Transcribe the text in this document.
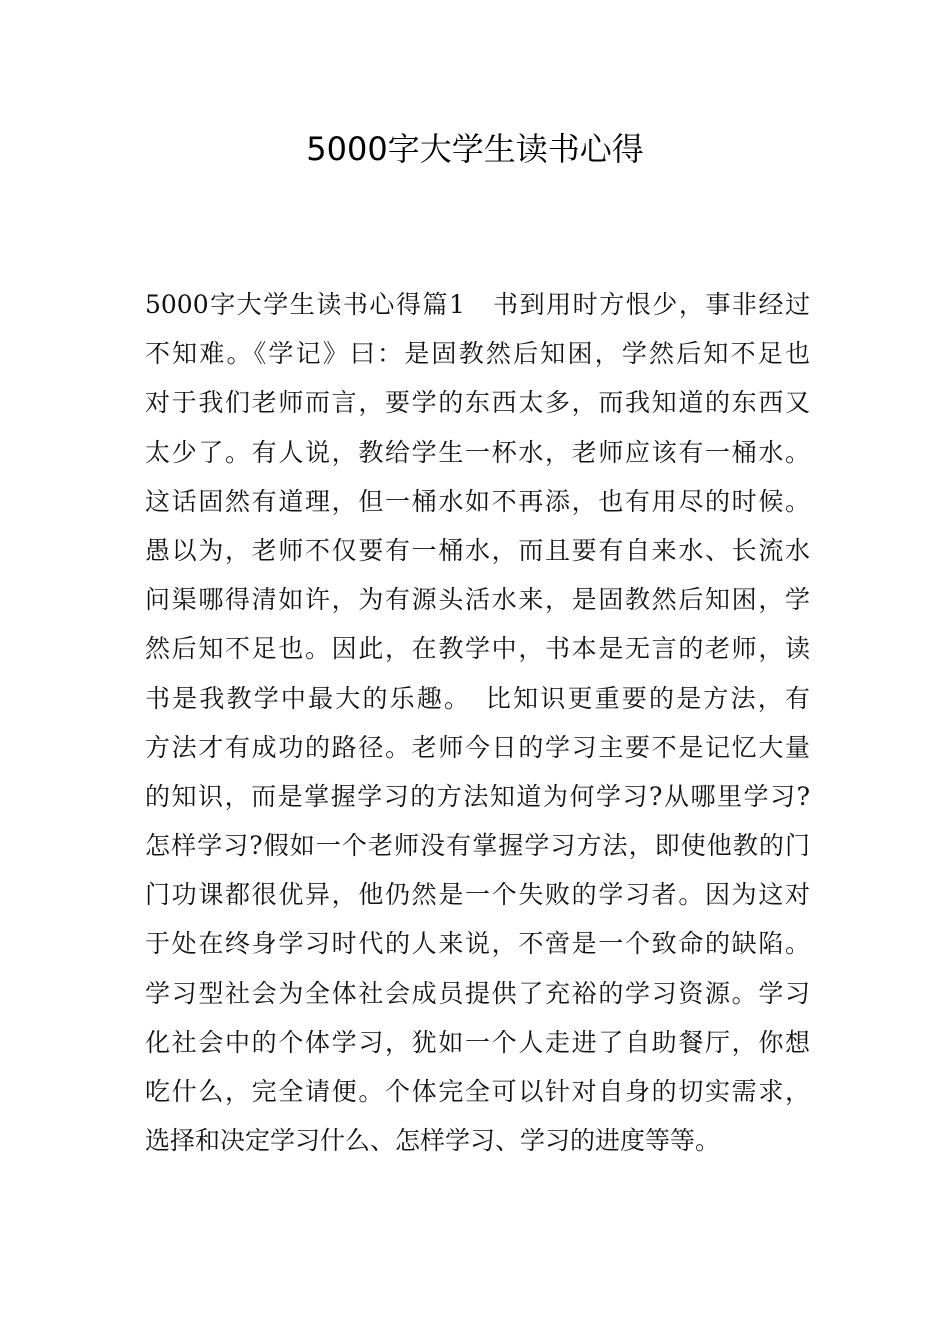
5000字大学生读书心得
5000字大学生读书心得篇1　书到用时方恨少，事非经过
不知难。《学记》曰：是固教然后知困，学然后知不足也
对于我们老师而言，要学的东西太多，而我知道的东西又
太少了。有人说，教给学生一杯水，老师应该有一桶水。
这话固然有道理，但一桶水如不再添，也有用尽的时候。
愚以为，老师不仅要有一桶水，而且要有自来水、长流水
问渠哪得清如许，为有源头活水来，是固教然后知困，学
然后知不足也。因此，在教学中，书本是无言的老师，读
书是我教学中最大的乐趣。　比知识更重要的是方法，有
方法才有成功的路径。老师今日的学习主要不是记忆大量
的知识，而是掌握学习的方法知道为何学习?从哪里学习?
怎样学习?假如一个老师没有掌握学习方法，即使他教的门
门功课都很优异，他仍然是一个失败的学习者。因为这对
于处在终身学习时代的人来说，不啻是一个致命的缺陷。
学习型社会为全体社会成员提供了充裕的学习资源。学习
化社会中的个体学习，犹如一个人走进了自助餐厅，你想
吃什么，完全请便。个体完全可以针对自身的切实需求，
选择和决定学习什么、怎样学习、学习的进度等等。
